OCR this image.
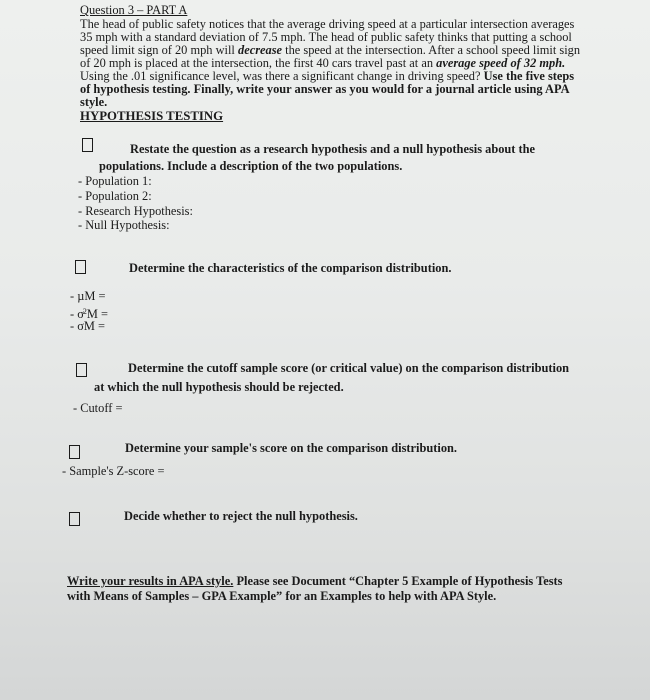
Question 3 – PART A

The head of public safety notices that the average driving speed at a particular intersection averages

35 mph with a standard deviation of 7.5 mph. The head of public safety thinks that putting a school

speed limit sign of 20 mph will decrease the speed at the intersection. After a school speed limit sign

of 20 mph is placed at the intersection, the first 40 cars travel past at an average speed of 32 mph.

Using the .01 significance level, was there a significant change in driving speed? Use the five steps

of hypothesis testing. Finally, write your answer as you would for a journal article using APA

style.

HYPOTHESIS TESTING

Restate the question as a research hypothesis and a null hypothesis about the

populations. Include a description of the two populations.

- Population 1:

- Population 2:

- Research Hypothesis:

- Null Hypothesis:

Determine the characteristics of the comparison distribution.

- µM =

- $\sigma^2M$ =

- σM =

Determine the cutoff sample score (or critical value) on the comparison distribution

at which the null hypothesis should be rejected.

- Cutoff =

Determine your sample's score on the comparison distribution.

- Sample's Z-score =

Decide whether to reject the null hypothesis.

Write your results in APA style. Please see Document “Chapter 5 Example of Hypothesis Tests

with Means of Samples – GPA Example” for an Examples to help with APA Style.
